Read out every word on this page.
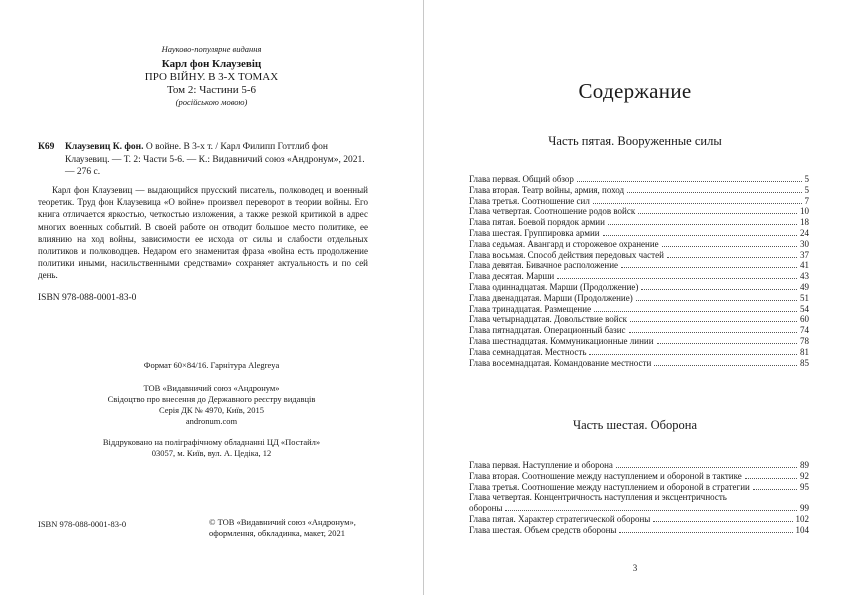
Науково-популярне видання
Карл фон Клаузевіц
ПРО ВІЙНУ. В 3-Х ТОМАХ
Том 2: Частини 5-6
(російською мовою)
К69 Клаузевиц К. фон. О войне. В 3-х т. / Карл Филипп Готтлиб фон Клаузевиц. — Т. 2: Части 5-6. — К.: Видавничий союз «Андронум», 2021. — 276 с.
Карл фон Клаузевиц — выдающийся прусский писатель, полководец и военный теоретик. Труд фон Клаузевица «О войне» произвел переворот в теории войны. Его книга отличается яркостью, четкостью изложения, а также резкой критикой в адрес многих военных событий. В своей работе он отводит большое место политике, ее влиянию на ход войны, зависимости ее исхода от силы и слабости отдельных политиков и полководцев. Недаром его знаменитая фраза «война есть продолжение политики иными, насильственными средствами» сохраняет актуальность и по сей день.
ISBN 978-088-0001-83-0
Формат 60×84/16. Гарнітура Alegreya
ТОВ «Видавничий союз «Андронум»
Свідоцтво про внесення до Державного реєстру видавців
Серія ДК № 4970, Київ, 2015
andronum.com
Віддруковано на поліграфічному обладнанні ЦД «Постайл»
03057, м. Київ, вул. А. Цедіка, 12
ISBN 978-088-0001-83-0	© ТОВ «Видавничий союз «Андронум»,
оформлення, обкладинка, макет, 2021
Содержание
Часть пятая. Вооруженные силы
Глава первая. Общий обзор	5
Глава вторая. Театр войны, армия, поход	5
Глава третья. Соотношение сил	7
Глава четвертая. Соотношение родов войск	10
Глава пятая. Боевой порядок армии	18
Глава шестая. Группировка армии	24
Глава седьмая. Авангард и сторожевое охранение	30
Глава восьмая. Способ действия передовых частей	37
Глава девятая. Бивачное расположение	41
Глава десятая. Марши	43
Глава одиннадцатая. Марши (Продолжение)	49
Глава двенадцатая. Марши (Продолжение)	51
Глава тринадцатая. Размещение	54
Глава четырнадцатая. Довольствие войск	60
Глава пятнадцатая. Операционный базис	74
Глава шестнадцатая. Коммуникационные линии	78
Глава семнадцатая. Местность	81
Глава восемнадцатая. Командование местности	85
Часть шестая. Оборона
Глава первая. Наступление и оборона	89
Глава вторая. Соотношение между наступлением и обороной в тактике	92
Глава третья. Соотношение между наступлением и обороной в стратегии	95
Глава четвертая. Концентричность наступления и эксцентричность
обороны	99
Глава пятая. Характер стратегической обороны	102
Глава шестая. Объем средств обороны	104
3
